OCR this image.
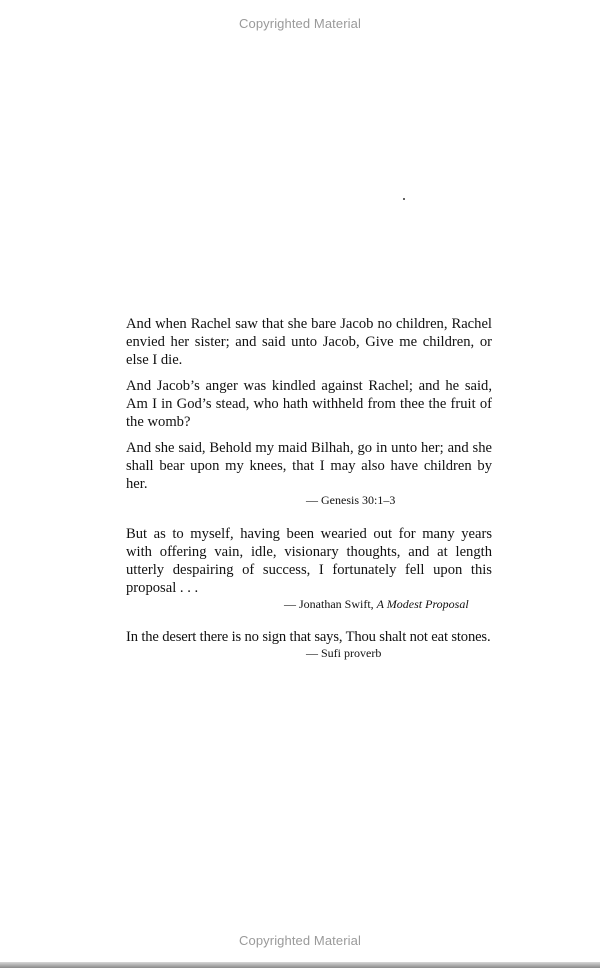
Copyrighted Material

And when Rachel saw that she bare Jacob no children, Rachel envied her sister; and said unto Jacob, Give me children, or else I die.

And Jacob’s anger was kindled against Rachel; and he said, Am I in God’s stead, who hath withheld from thee the fruit of the womb?

And she said, Behold my maid Bilhah, go in unto her; and she shall bear upon my knees, that I may also have children by her.

— Genesis 30:1–3

But as to myself, having been wearied out for many years with offering vain, idle, visionary thoughts, and at length utterly despairing of success, I fortunately fell upon this proposal . . .

— Jonathan Swift, A Modest Proposal

In the desert there is no sign that says, Thou shalt not eat stones.

— Sufi proverb
Copyrighted Material
